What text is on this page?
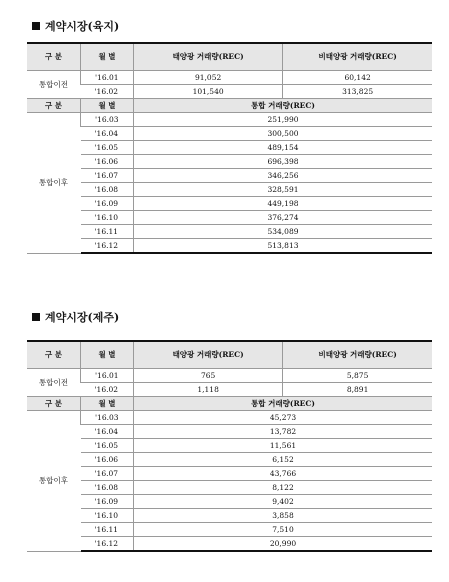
계약시장(육지)
구 분	월 별	태양광 거래량(REC)	비태양광 거래량(REC)
통합이전	'16.01	91,052	60,142
	'16.02	101,540	313,825
구 분	월 별	통합 거래량(REC)	
통합이후	'16.03	251,990	
	'16.04	300,500	
	'16.05	489,154	
	'16.06	696,398	
	'16.07	346,256	
	'16.08	328,591	
	'16.09	449,198	
	'16.10	376,274	
	'16.11	534,089	
	'16.12	513,813	
계약시장(제주)
구 분	월 별	태양광 거래량(REC)	비태양광 거래량(REC)
통합이전	'16.01	765	5,875
	'16.02	1,118	8,891
구 분	월 별	통합 거래량(REC)	
통합이후	'16.03	45,273	
	'16.04	13,782	
	'16.05	11,561	
	'16.06	6,152	
	'16.07	43,766	
	'16.08	8,122	
	'16.09	9,402	
	'16.10	3,858	
	'16.11	7,510	
	'16.12	20,990	
